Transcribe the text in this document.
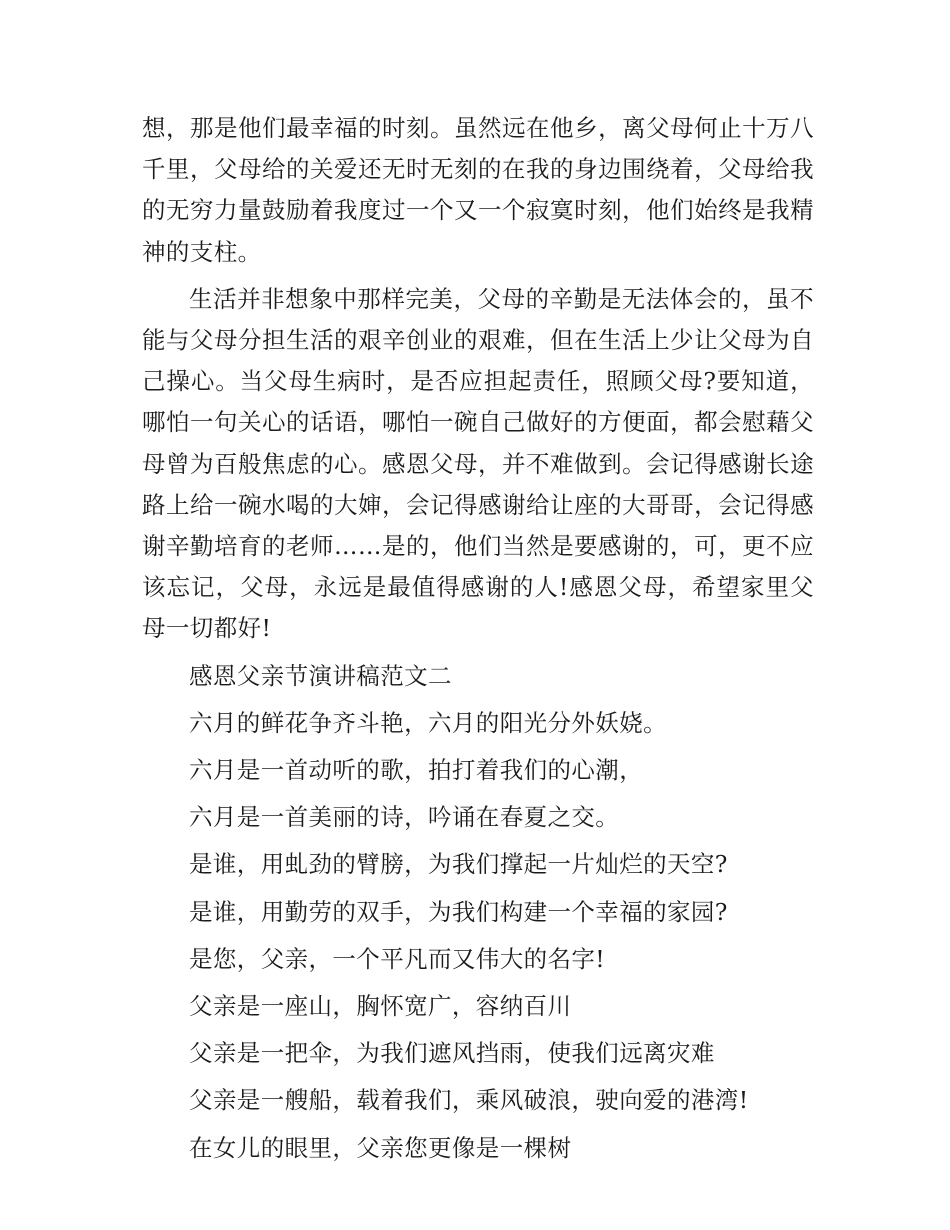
想，那是他们最幸福的时刻。虽然远在他乡，离父母何止十万八千里，父母给的关爱还无时无刻的在我的身边围绕着，父母给我的无穷力量鼓励着我度过一个又一个寂寞时刻，他们始终是我精神的支柱。

生活并非想象中那样完美，父母的辛勤是无法体会的，虽不能与父母分担生活的艰辛创业的艰难，但在生活上少让父母为自己操心。当父母生病时，是否应担起责任，照顾父母?要知道，哪怕一句关心的话语，哪怕一碗自己做好的方便面，都会慰藉父母曾为百般焦虑的心。感恩父母，并不难做到。会记得感谢长途路上给一碗水喝的大婶，会记得感谢给让座的大哥哥，会记得感谢辛勤培育的老师……是的，他们当然是要感谢的，可，更不应该忘记，父母，永远是最值得感谢的人!感恩父母，希望家里父母一切都好!

感恩父亲节演讲稿范文二
六月的鲜花争齐斗艳，六月的阳光分外妖娆。
六月是一首动听的歌，拍打着我们的心潮，
六月是一首美丽的诗，吟诵在春夏之交。
是谁，用虬劲的臂膀，为我们撑起一片灿烂的天空?
是谁，用勤劳的双手，为我们构建一个幸福的家园?
是您，父亲，一个平凡而又伟大的名字!
父亲是一座山，胸怀宽广，容纳百川
父亲是一把伞，为我们遮风挡雨，使我们远离灾难
父亲是一艘船，载着我们，乘风破浪，驶向爱的港湾!
在女儿的眼里，父亲您更像是一棵树
